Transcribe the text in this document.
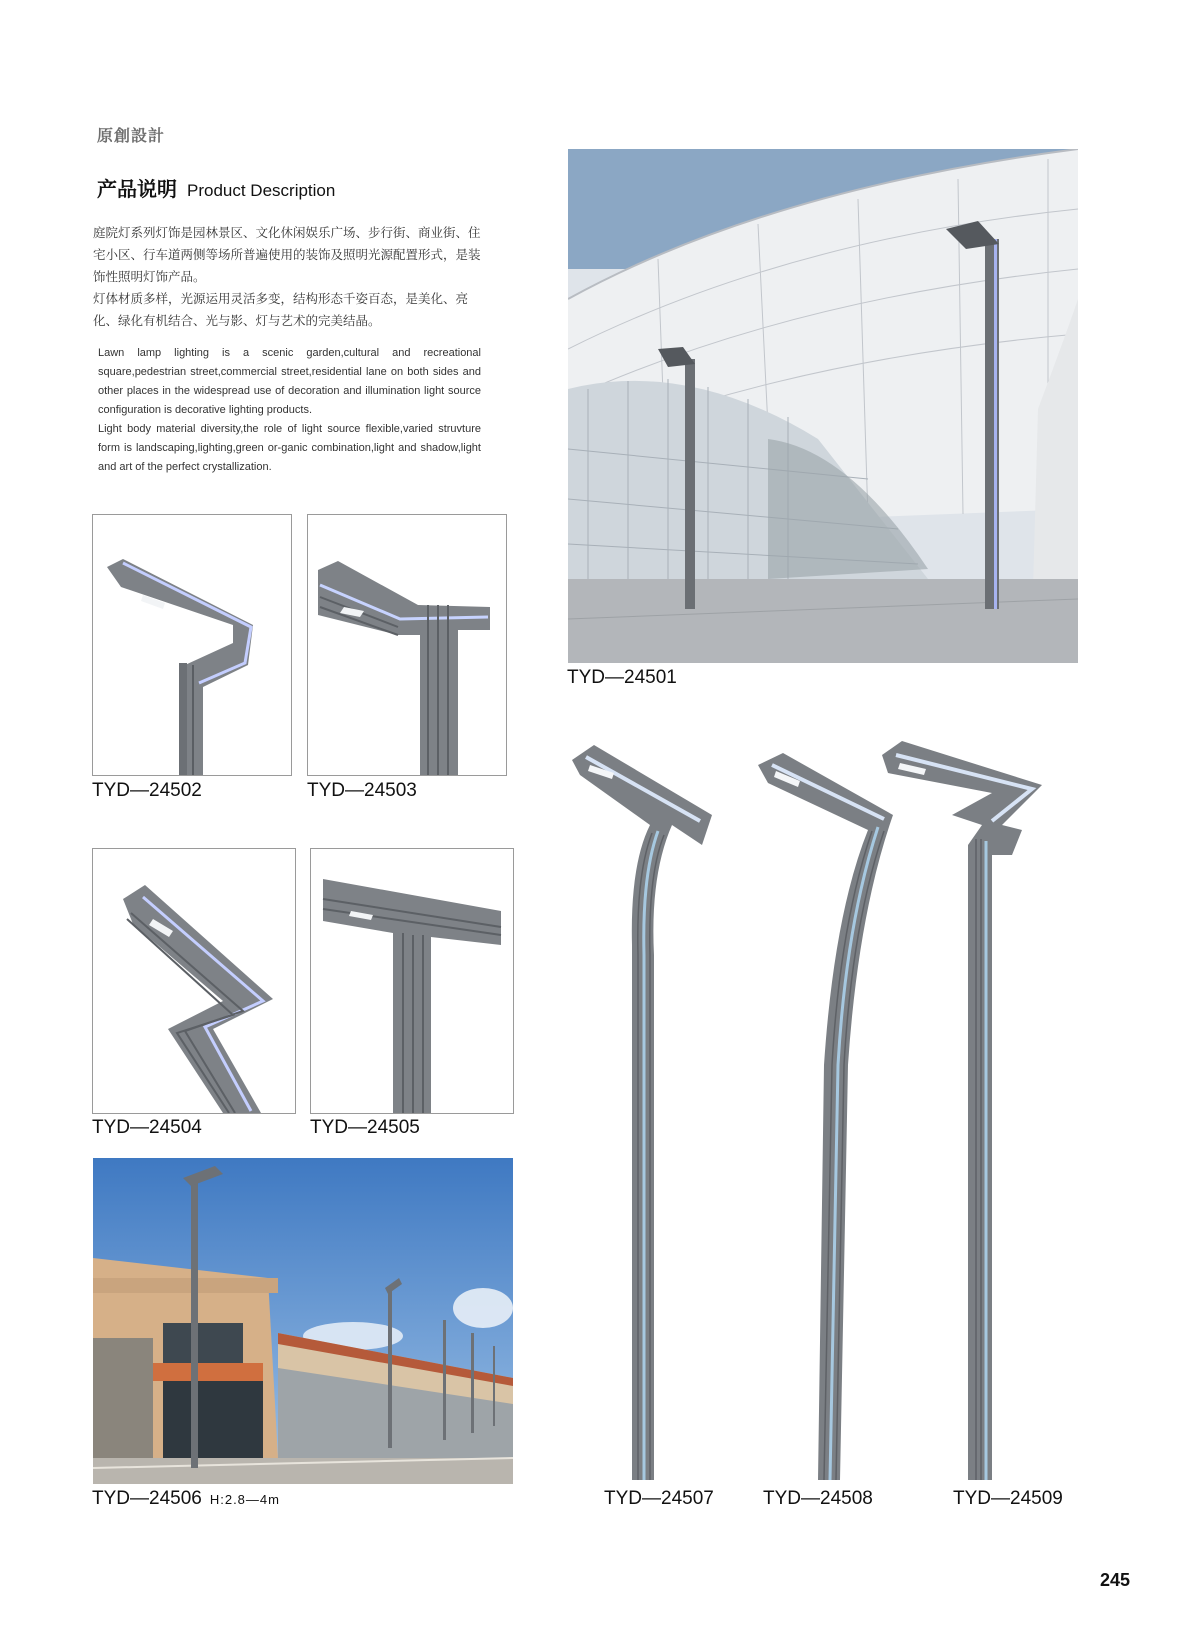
原創設計
产品说明 Product Description

庭院灯系列灯饰是园林景区、文化休闲娱乐广场、步行街、商业街、住宅小区、行车道两侧等场所普遍使用的装饰及照明光源配置形式，是装饰性照明灯饰产品。

灯体材质多样，光源运用灵活多变，结构形态千姿百态，是美化、亮化、绿化有机结合、光与影、灯与艺术的完美结晶。

Lawn lamp lighting is a scenic garden,cultural and recreational square,pedestrian street,commercial street,residential lane on both sides and other places in the widespread use of decoration and illumination light source configuration is decorative lighting products.

Light body material diversity,the role of light source flexible,varied struvture form is landscaping,lighting,green or-ganic combination,light and shadow,light and art of the perfect crystallization.

TYD—24501
TYD—24502	TYD—24503
TYD—24504	TYD—24505
TYD—24506 H:2.8—4m	TYD—24507	TYD—24508	TYD—24509
245
